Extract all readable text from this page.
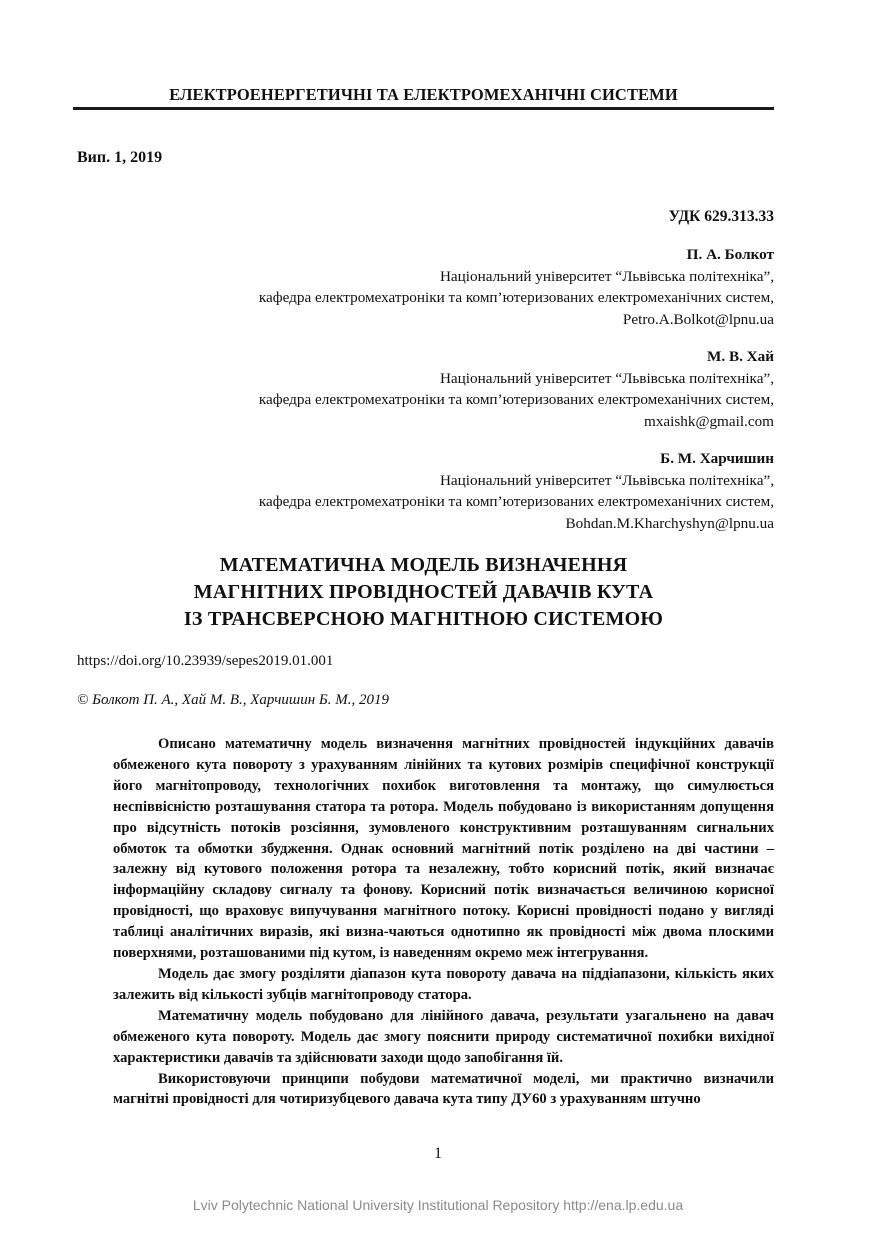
ЕЛЕКТРОЕНЕРГЕТИЧНІ ТА ЕЛЕКТРОМЕХАНІЧНІ СИСТЕМИ
Вип. 1, 2019
УДК 629.313.33
П. А. Болкот
Національний університет “Львівська політехніка”,
кафедра електромехатроніки та комп’ютеризованих електромеханічних систем,
Petro.A.Bolkot@lpnu.ua
М. В. Хай
Національний університет “Львівська політехніка”,
кафедра електромехатроніки та комп’ютеризованих електромеханічних систем,
mxaishk@gmail.com
Б. М. Харчишин
Національний університет “Львівська політехніка”,
кафедра електромехатроніки та комп’ютеризованих електромеханічних систем,
Bohdan.M.Kharchyshyn@lpnu.ua
МАТЕМАТИЧНА МОДЕЛЬ ВИЗНАЧЕННЯ
МАГНІТНИХ ПРОВІДНОСТЕЙ ДАВАЧІВ КУТА
ІЗ ТРАНСВЕРСНОЮ МАГНІТНОЮ СИСТЕМОЮ
https://doi.org/10.23939/sepes2019.01.001
© Болкот П. А., Хай М. В., Харчишин Б. М., 2019

Описано математичну модель визначення магнітних провідностей індукційних давачів обмеженого кута повороту з урахуванням лінійних та кутових розмірів специфічної конструкції його магнітопроводу, технологічних похибок виготовлення та монтажу, що симулюється неспіввісністю розташування статора та ротора. Модель побудовано із використанням допущення про відсутність потоків розсіяння, зумовленого конструктивним розташуванням сигнальних обмоток та обмотки збудження. Однак основний магнітний потік розділено на дві частини – залежну від кутового положення ротора та незалежну, тобто корисний потік, який визначає інформаційну складову сигналу та фонову. Корисний потік визначається величиною корисної провідності, що враховує випучування магнітного потоку. Корисні провідності подано у вигляді таблиці аналітичних виразів, які визна-чаються однотипно як провідності між двома плоскими поверхнями, розташованими під кутом, із наведенням окремо меж інтегрування.

Модель дає змогу розділяти діапазон кута повороту давача на піддіапазони, кількість яких залежить від кількості зубців магнітопроводу статора.

Математичну модель побудовано для лінійного давача, результати узагальнено на давач обмеженого кута повороту. Модель дає змогу пояснити природу систематичної похибки вихідної характеристики давачів та здійснювати заходи щодо запобігання їй.

Використовуючи принципи побудови математичної моделі, ми практично визначили магнітні провідності для чотиризубцевого давача кута типу ДУ60 з урахуванням штучно

1
Lviv Polytechnic National University Institutional Repository http://ena.lp.edu.ua
